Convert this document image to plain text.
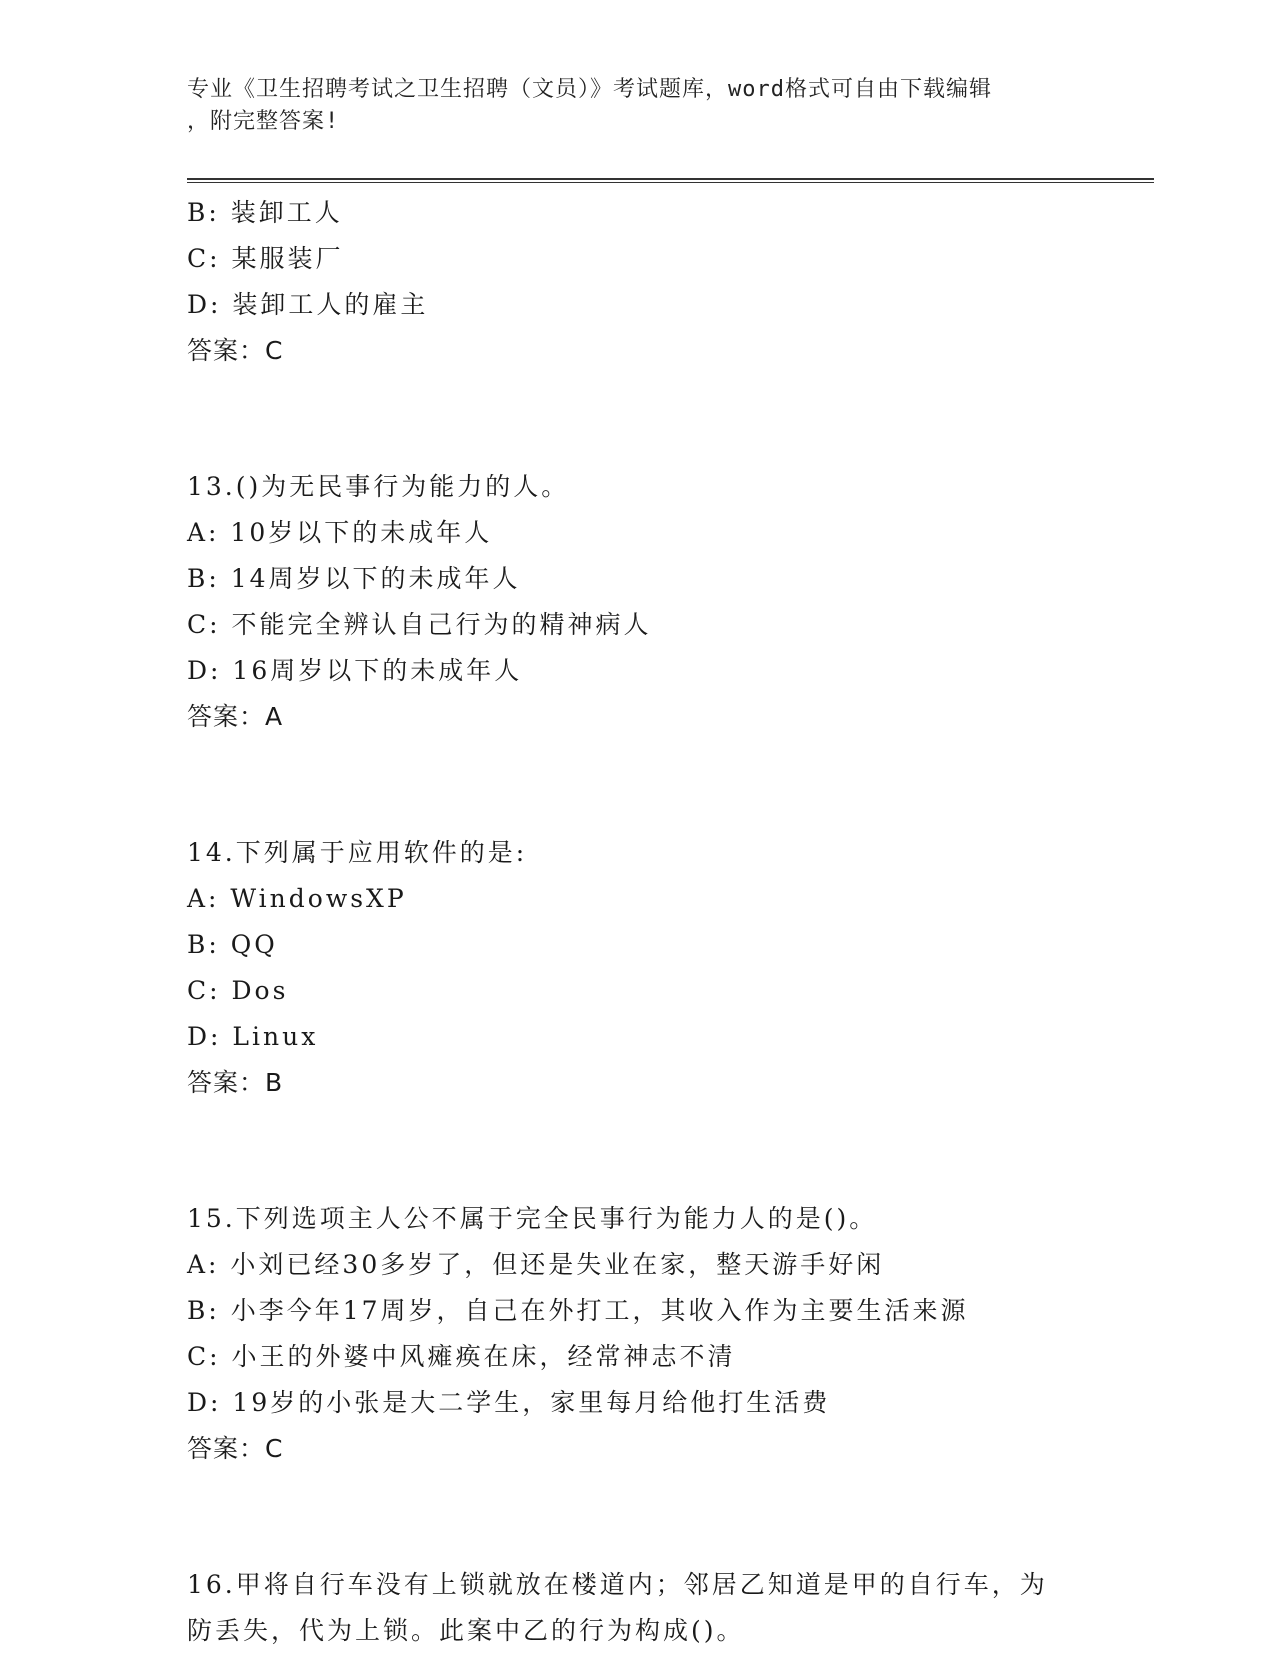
专业《卫生招聘考试之卫生招聘（文员）》考试题库，word格式可自由下载编辑
，附完整答案!
B: 装卸工人
C: 某服装厂
D: 装卸工人的雇主
答案：C
13.()为无民事行为能力的人。
A: 10岁以下的未成年人
B: 14周岁以下的未成年人
C: 不能完全辨认自己行为的精神病人
D: 16周岁以下的未成年人
答案：A
14.下列属于应用软件的是:
A: WindowsXP
B: QQ
C: Dos
D: Linux
答案：B
15.下列选项主人公不属于完全民事行为能力人的是()。
A: 小刘已经30多岁了，但还是失业在家，整天游手好闲
B: 小李今年17周岁，自己在外打工，其收入作为主要生活来源
C: 小王的外婆中风瘫痪在床，经常神志不清
D: 19岁的小张是大二学生，家里每月给他打生活费
答案：C
16.甲将自行车没有上锁就放在楼道内；邻居乙知道是甲的自行车，为
防丢失，代为上锁。此案中乙的行为构成()。
